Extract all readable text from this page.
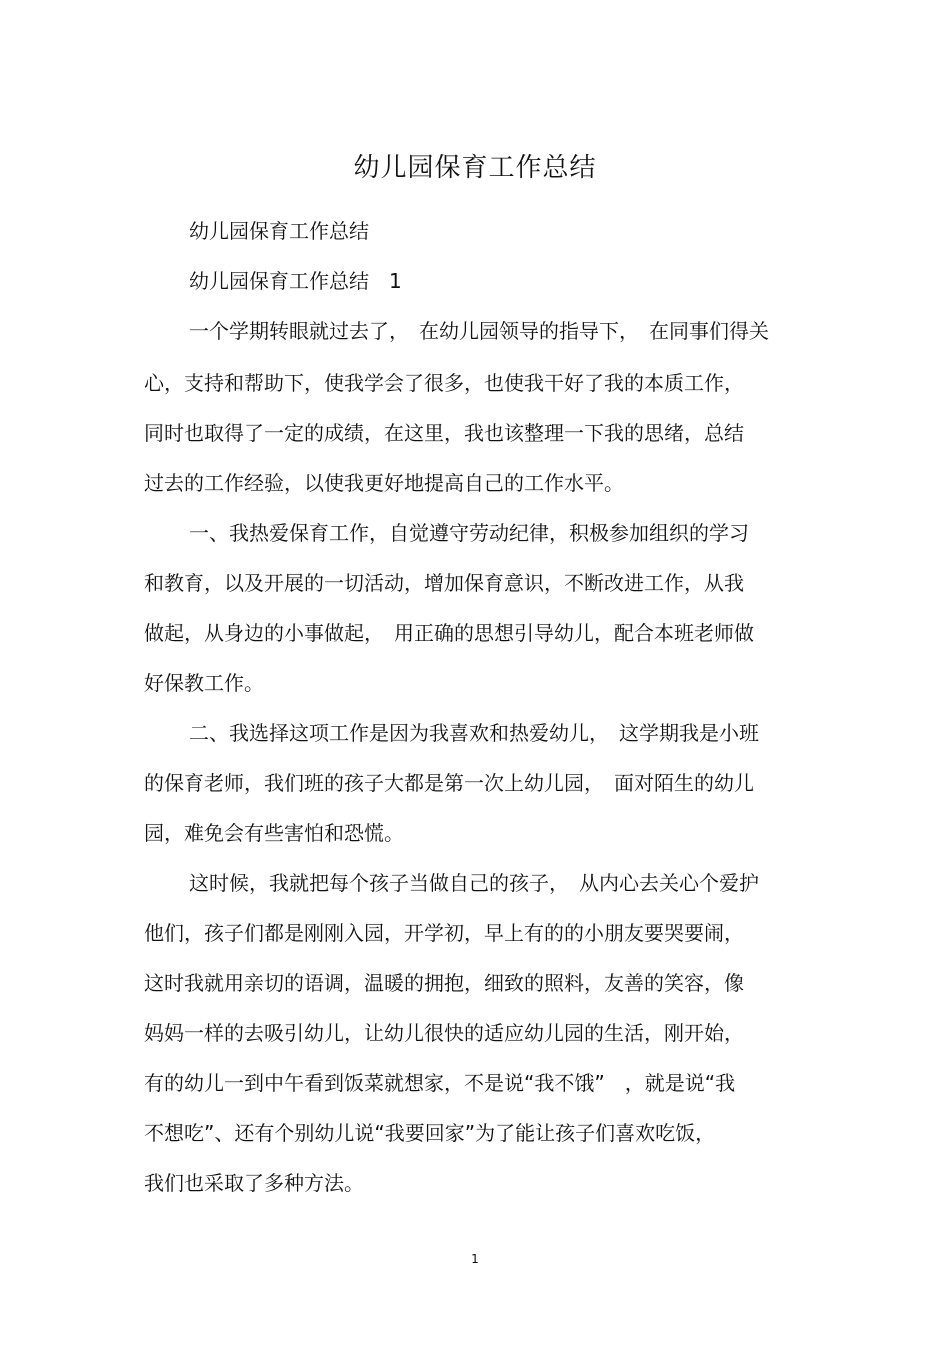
幼儿园保育工作总结
幼儿园保育工作总结
幼儿园保育工作总结　1
一个学期转眼就过去了，　在幼儿园领导的指导下，　在同事们得关
心，支持和帮助下，使我学会了很多，也使我干好了我的本质工作，
同时也取得了一定的成绩，在这里，我也该整理一下我的思绪，总结
过去的工作经验，以使我更好地提高自己的工作水平。
一、我热爱保育工作，自觉遵守劳动纪律，积极参加组织的学习
和教育，以及开展的一切活动，增加保育意识，不断改进工作，从我
做起，从身边的小事做起，　用正确的思想引导幼儿，配合本班老师做
好保教工作。
二、我选择这项工作是因为我喜欢和热爱幼儿，　这学期我是小班
的保育老师，我们班的孩子大都是第一次上幼儿园，　面对陌生的幼儿
园，难免会有些害怕和恐慌。
这时候，我就把每个孩子当做自己的孩子，　从内心去关心个爱护
他们，孩子们都是刚刚入园，开学初，早上有的的小朋友要哭要闹，
这时我就用亲切的语调，温暖的拥抱，细致的照料，友善的笑容，像
妈妈一样的去吸引幼儿，让幼儿很快的适应幼儿园的生活，刚开始，
有的幼儿一到中午看到饭菜就想家，不是说“我不饿”　，就是说“我
不想吃”、还有个别幼儿说“我要回家”为了能让孩子们喜欢吃饭，
我们也采取了多种方法。
1
